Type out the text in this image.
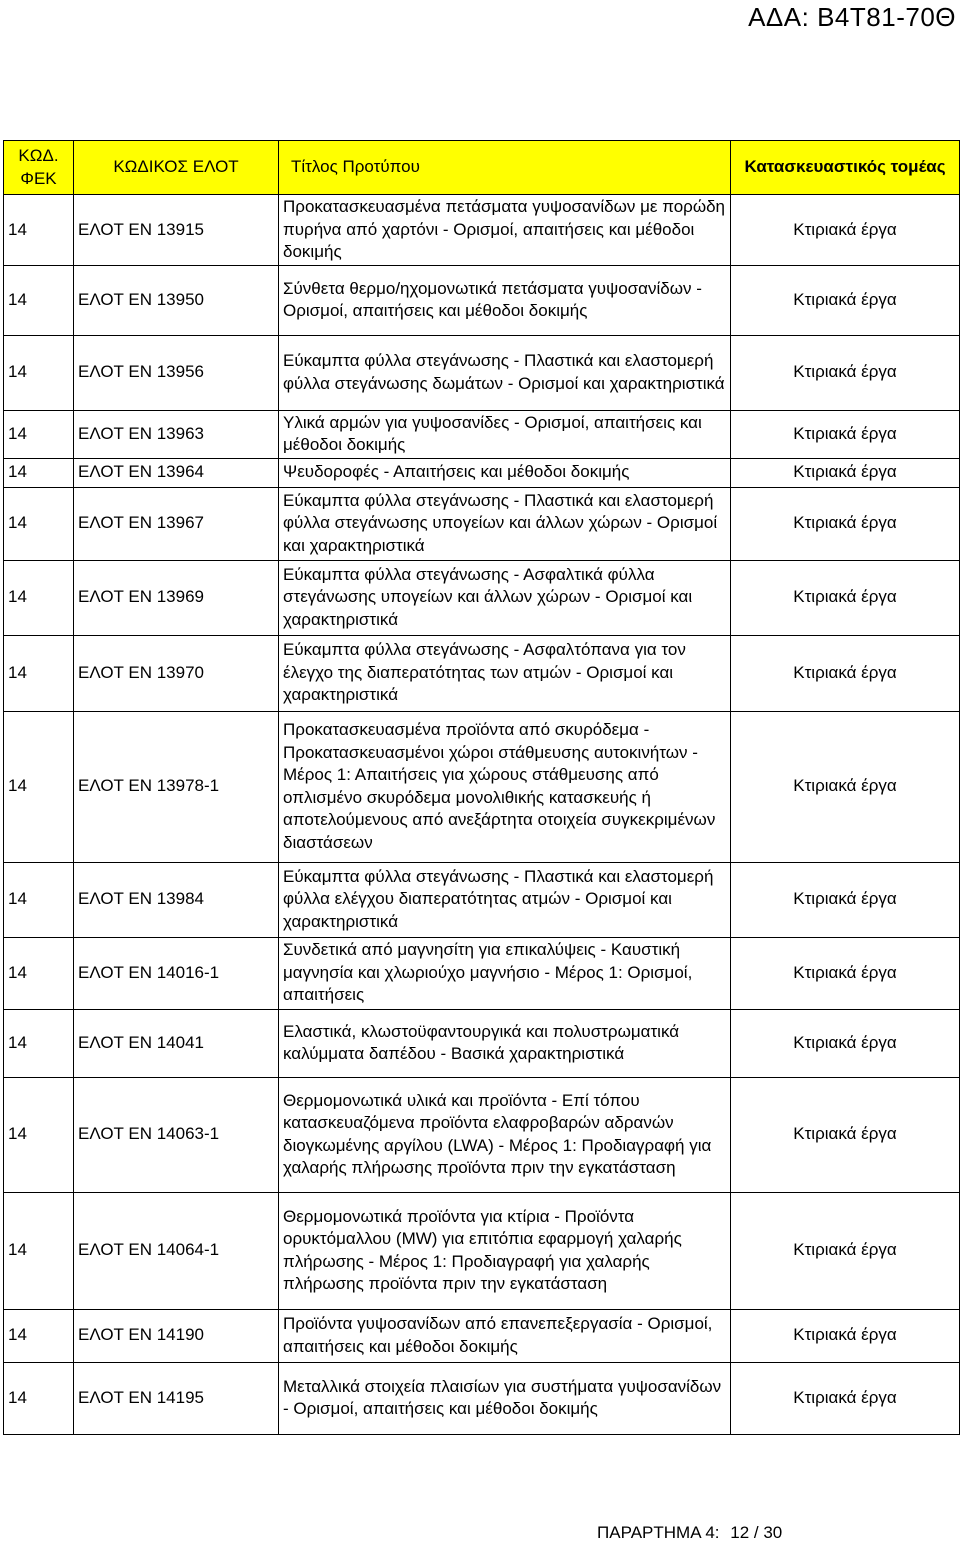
ΑΔΑ: Β4Τ81-70Θ
ΚΩΔ. ΦΕΚ	ΚΩΔΙΚΟΣ ΕΛΟΤ	Τίτλος Προτύπου	Κατασκευαστικός τομέας
14	ΕΛΟΤ ΕΝ 13915	Προκατασκευασμένα πετάσματα γυψοσανίδων με πορώδη πυρήνα από χαρτόνι - Ορισμοί, απαιτήσεις και μέθοδοι δοκιμής	Κτιριακά έργα
14	ΕΛΟΤ ΕΝ 13950	Σύνθετα θερμο/ηχομονωτικά πετάσματα γυψοσανίδων - Ορισμοί, απαιτήσεις και μέθοδοι δοκιμής	Κτιριακά έργα
14	ΕΛΟΤ ΕΝ 13956	Εύκαμπτα φύλλα στεγάνωσης - Πλαστικά και ελαστομερή φύλλα στεγάνωσης δωμάτων - Ορισμοί και χαρακτηριστικά	Κτιριακά έργα
14	ΕΛΟΤ ΕΝ 13963	Υλικά αρμών για γυψοσανίδες - Ορισμοί, απαιτήσεις και μέθοδοι δοκιμής	Κτιριακά έργα
14	ΕΛΟΤ ΕΝ 13964	Ψευδοροφές - Απαιτήσεις και μέθοδοι δοκιμής	Κτιριακά έργα
14	ΕΛΟΤ ΕΝ 13967	Εύκαμπτα φύλλα στεγάνωσης - Πλαστικά και ελαστομερή φύλλα στεγάνωσης υπογείων και άλλων χώρων - Ορισμοί και χαρακτηριστικά	Κτιριακά έργα
14	ΕΛΟΤ ΕΝ 13969	Εύκαμπτα φύλλα στεγάνωσης - Ασφαλτικά φύλλα στεγάνωσης υπογείων και άλλων χώρων - Ορισμοί και χαρακτηριστικά	Κτιριακά έργα
14	ΕΛΟΤ ΕΝ 13970	Εύκαμπτα φύλλα στεγάνωσης - Ασφαλτόπανα για τον έλεγχο της διαπερατότητας των ατμών - Ορισμοί και χαρακτηριστικά	Κτιριακά έργα
14	ΕΛΟΤ ΕΝ 13978-1	Προκατασκευασμένα προϊόντα από σκυρόδεμα - Προκατασκευασμένοι χώροι στάθμευσης αυτοκινήτων - Μέρος 1: Απαιτήσεις για χώρους στάθμευσης από οπλισμένο σκυρόδεμα μονολιθικής κατασκευής ή αποτελούμενους από ανεξάρτητα οτοιχεία συγκεκριμένων διαστάσεων	Κτιριακά έργα
14	ΕΛΟΤ ΕΝ 13984	Εύκαμπτα φύλλα στεγάνωσης - Πλαστικά και ελαστομερή φύλλα ελέγχου διαπερατότητας ατμών - Ορισμοί και χαρακτηριστικά	Κτιριακά έργα
14	ΕΛΟΤ ΕΝ 14016-1	Συνδετικά από μαγνησίτη για επικαλύψεις - Καυστική μαγνησία και χλωριούχο μαγνήσιο - Μέρος 1: Ορισμοί, απαιτήσεις	Κτιριακά έργα
14	ΕΛΟΤ ΕΝ 14041	Ελαστικά, κλωστοϋφαντουργικά και πολυστρωματικά καλύμματα δαπέδου - Βασικά χαρακτηριστικά	Κτιριακά έργα
14	ΕΛΟΤ ΕΝ 14063-1	Θερμομονωτικά υλικά και προϊόντα - Επί τόπου κατασκευαζόμενα προϊόντα ελαφροβαρών αδρανών διογκωμένης αργίλου (LWA) - Μέρος 1: Προδιαγραφή για χαλαρής πλήρωσης προϊόντα πριν την εγκατάσταση	Κτιριακά έργα
14	ΕΛΟΤ ΕΝ 14064-1	Θερμομονωτικά προϊόντα για κτίρια - Προϊόντα ορυκτόμαλλου (MW) για επιτόπια εφαρμογή χαλαρής πλήρωσης - Μέρος 1: Προδιαγραφή για χαλαρής πλήρωσης προϊόντα πριν την εγκατάσταση	Κτιριακά έργα
14	ΕΛΟΤ ΕΝ 14190	Προϊόντα γυψοσανίδων από επανεπεξεργασία - Ορισμοί, απαιτήσεις και μέθοδοι δοκιμής	Κτιριακά έργα
14	ΕΛΟΤ ΕΝ 14195	Μεταλλικά στοιχεία πλαισίων για συστήματα γυψοσανίδων - Ορισμοί, απαιτήσεις και μέθοδοι δοκιμής	Κτιριακά έργα
ΠΑΡΑΡΤΗΜΑ 4: 12 / 30
